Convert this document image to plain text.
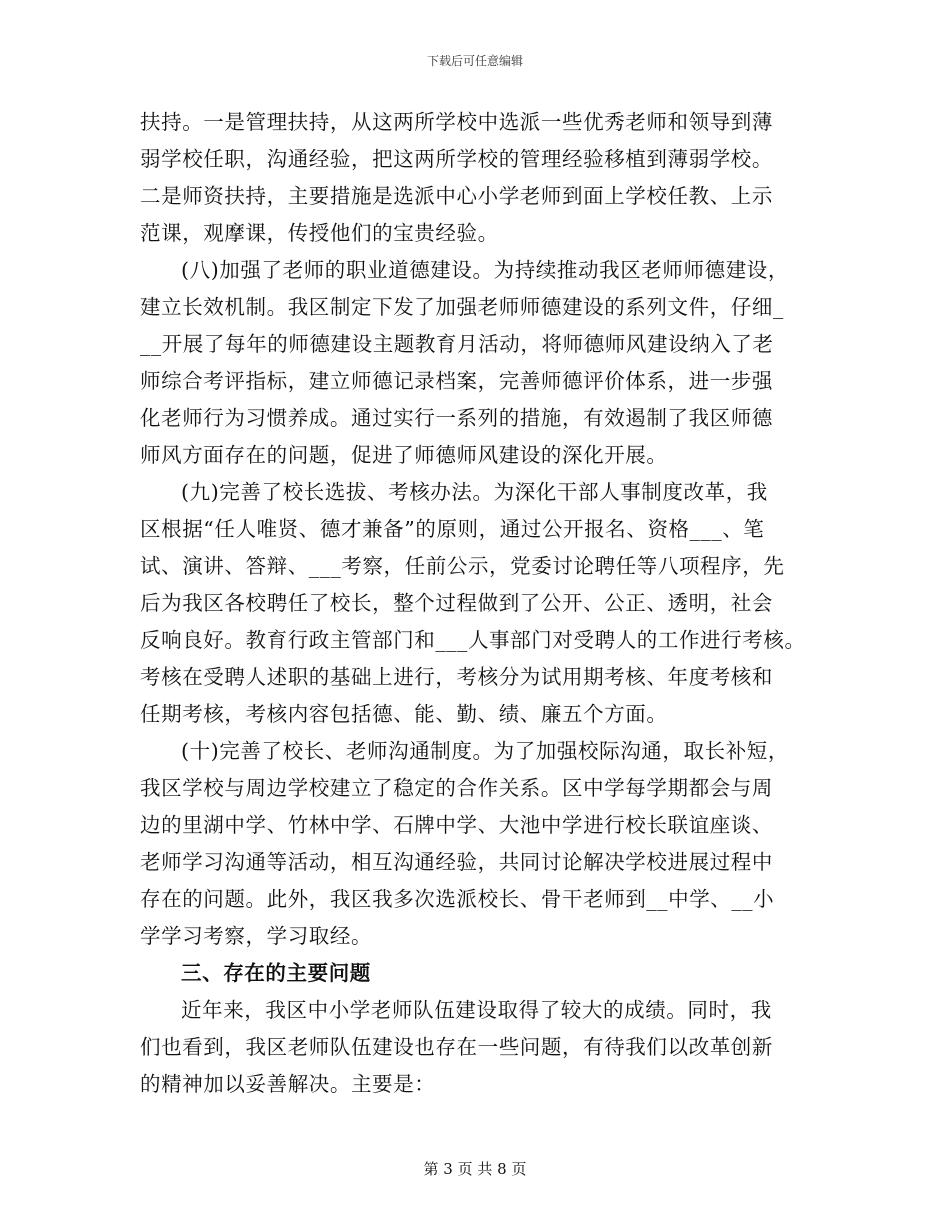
下载后可任意编辑
扶持。一是管理扶持，从这两所学校中选派一些优秀老师和领导到薄
弱学校任职，沟通经验，把这两所学校的管理经验移植到薄弱学校。
二是师资扶持，主要措施是选派中心小学老师到面上学校任教、上示
范课，观摩课，传授他们的宝贵经验。
(八)加强了老师的职业道德建设。为持续推动我区老师师德建设，
建立长效机制。我区制定下发了加强老师师德建设的系列文件，仔细_
__开展了每年的师德建设主题教育月活动，将师德师风建设纳入了老
师综合考评指标，建立师德记录档案，完善师德评价体系，进一步强
化老师行为习惯养成。通过实行一系列的措施，有效遏制了我区师德
师风方面存在的问题，促进了师德师风建设的深化开展。
(九)完善了校长选拔、考核办法。为深化干部人事制度改革，我
区根据“任人唯贤、德才兼备”的原则，通过公开报名、资格___、笔
试、演讲、答辩、___考察，任前公示，党委讨论聘任等八项程序，先
后为我区各校聘任了校长，整个过程做到了公开、公正、透明，社会
反响良好。教育行政主管部门和___人事部门对受聘人的工作进行考核。
考核在受聘人述职的基础上进行，考核分为试用期考核、年度考核和
任期考核，考核内容包括德、能、勤、绩、廉五个方面。
(十)完善了校长、老师沟通制度。为了加强校际沟通，取长补短，
我区学校与周边学校建立了稳定的合作关系。区中学每学期都会与周
边的里湖中学、竹林中学、石牌中学、大池中学进行校长联谊座谈、
老师学习沟通等活动，相互沟通经验，共同讨论解决学校进展过程中
存在的问题。此外，我区我多次选派校长、骨干老师到__中学、__小
学学习考察，学习取经。
三、存在的主要问题
近年来，我区中小学老师队伍建设取得了较大的成绩。同时，我
们也看到，我区老师队伍建设也存在一些问题，有待我们以改革创新
的精神加以妥善解决。主要是：
第 3 页 共 8 页
